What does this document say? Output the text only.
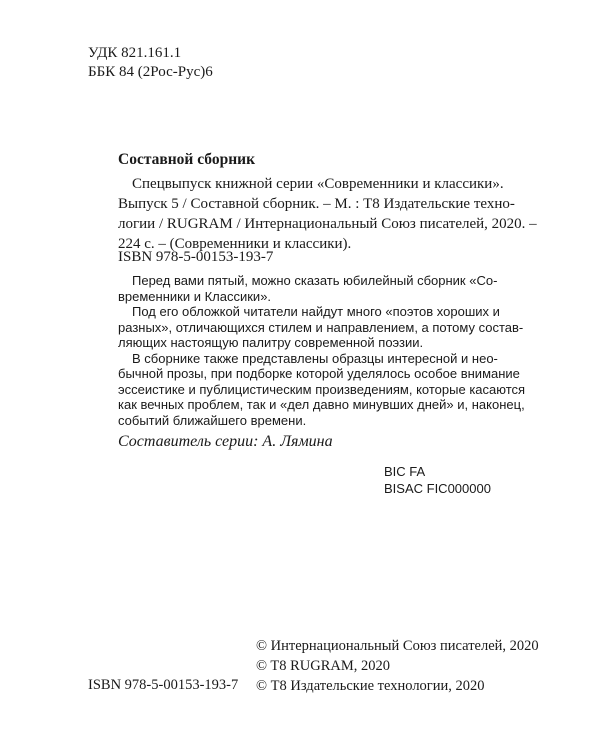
УДК 821.161.1
ББК 84 (2Рос-Рус)6
Составной сборник
Спецвыпуск книжной серии «Современники и классики».
Выпуск 5 / Составной сборник. – М. : Т8 Издательские техно-
логии / RUGRAM / Интернациональный Союз писателей, 2020. –
224 с. – (Современники и классики).
ISBN 978-5-00153-193-7
Перед вами пятый, можно сказать юбилейный сборник «Со-
временники и Классики».
Под его обложкой читатели найдут много «поэтов хороших и
разных», отличающихся стилем и направлением, а потому состав-
ляющих настоящую палитру современной поэзии.
В сборнике также представлены образцы интересной и нео-
бычной прозы, при подборке которой уделялось особое внимание
эссеистике и публицистическим произведениям, которые касаются
как вечных проблем, так и «дел давно минувших дней» и, наконец,
событий ближайшего времени.
Составитель серии: А. Лямина
BIC FA
BISAC FIC000000
© Интернациональный Союз писателей, 2020
© T8 RUGRAM, 2020
© Т8 Издательские технологии, 2020
ISBN 978-5-00153-193-7
